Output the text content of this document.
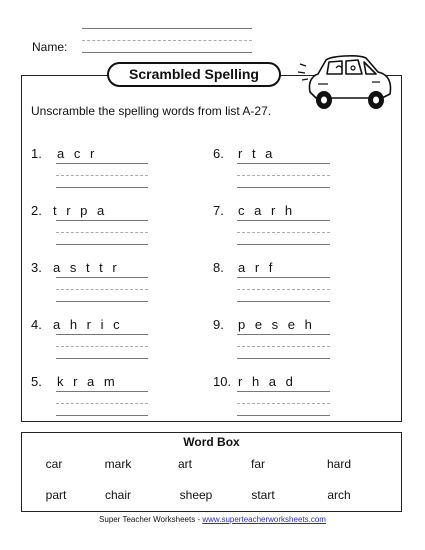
Name:
Scrambled Spelling
Unscramble the spelling words from list A-27.
1. a c r
2. t r p a
3. a s t t r
4. a h r i c
5. k r a m
6. r t a
7. c a r h
8. a r f
9. p e s e h
10. r h a d
Word Box
car	mark	art	far	hard
part	chair	sheep	start	arch
Super Teacher Worksheets - www.superteacherworksheets.com
